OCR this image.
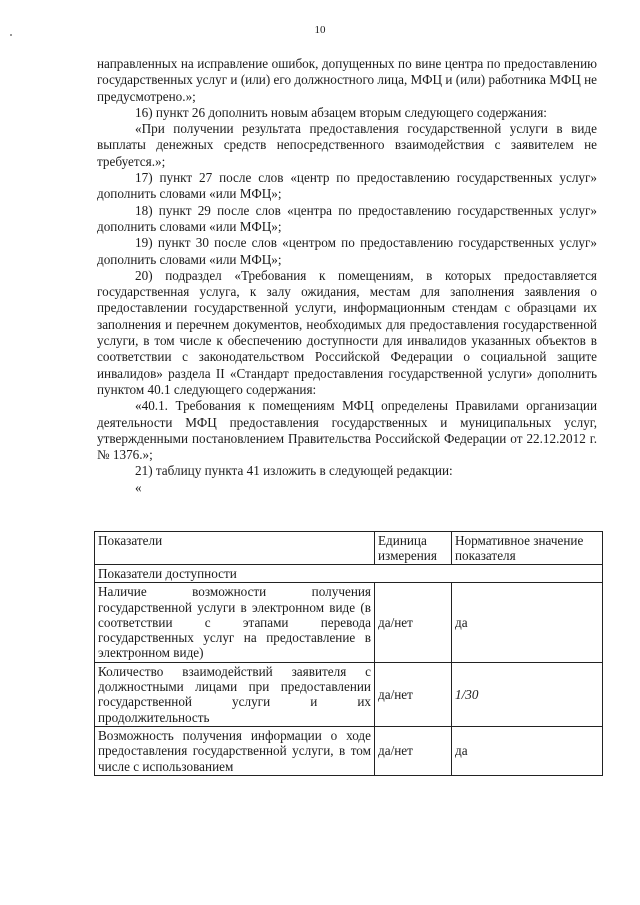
10

направленных на исправление ошибок, допущенных по вине центра по предоставлению государственных услуг и (или) его должностного лица, МФЦ и (или) работника МФЦ не предусмотрено.»;

16) пункт 26 дополнить новым абзацем вторым следующего содержания:

«При получении результата предоставления государственной услуги в виде выплаты денежных средств непосредственного взаимодействия с заявителем не требуется.»;

17) пункт 27 после слов «центр по предоставлению государственных услуг» дополнить словами «или МФЦ»;

18) пункт 29 после слов «центра по предоставлению государственных услуг» дополнить словами «или МФЦ»;

19) пункт 30 после слов «центром по предоставлению государственных услуг» дополнить словами «или МФЦ»;

20) подраздел «Требования к помещениям, в которых предоставляется государственная услуга, к залу ожидания, местам для заполнения заявления о предоставлении государственной услуги, информационным стендам с образцами их заполнения и перечнем документов, необходимых для предоставления государственной услуги, в том числе к обеспечению доступности для инвалидов указанных объектов в соответствии с законодательством Российской Федерации о социальной защите инвалидов» раздела II «Стандарт предоставления государственной услуги» дополнить пунктом 40.1 следующего содержания:

«40.1. Требования к помещениям МФЦ определены Правилами организации деятельности МФЦ предоставления государственных и муниципальных услуг, утвержденными постановлением Правительства Российской Федерации от 22.12.2012 г. № 1376.»;

21) таблицу пункта 41 изложить в следующей редакции:

«

Показатели	Единица измерения	Нормативное значение показателя
Показатели доступности		
Наличие возможности получения государственной услуги в электронном виде (в соответствии с этапами перевода государственных услуг на предоставление в электронном виде)	да/нет	да
Количество взаимодействий заявителя с должностными лицами при предоставлении государственной услуги и их продолжительность	да/нет	1/30
Возможность получения информации о ходе предоставления государственной услуги, в том числе с использованием	да/нет	да
